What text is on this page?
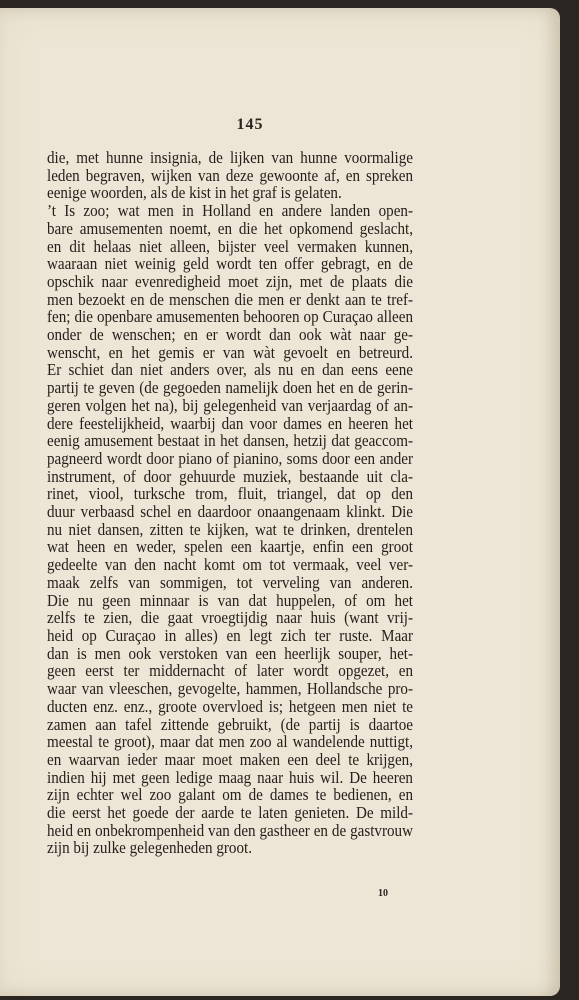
145
die, met hunne insignia, de lijken van hunne voormalige
leden begraven, wijken van deze gewoonte af, en spreken
eenige woorden, als de kist in het graf is gelaten.
’t Is zoo; wat men in Holland en andere landen open-
bare amusementen noemt, en die het opkomend geslacht,
en dit helaas niet alleen, bijster veel vermaken kunnen,
waaraan niet weinig geld wordt ten offer gebragt, en de
opschik naar evenredigheid moet zijn, met de plaats die
men bezoekt en de menschen die men er denkt aan te tref-
fen; die openbare amusementen behooren op Curaçao alleen
onder de wenschen; en er wordt dan ook wàt naar ge-
wenscht, en het gemis er van wàt gevoelt en betreurd.
Er schiet dan niet anders over, als nu en dan eens eene
partij te geven (de gegoeden namelijk doen het en de gerin-
geren volgen het na), bij gelegenheid van verjaardag of an-
dere feestelijkheid, waarbij dan voor dames en heeren het
eenig amusement bestaat in het dansen, hetzij dat geaccom-
pagneerd wordt door piano of pianino, soms door een ander
instrument, of door gehuurde muziek, bestaande uit cla-
rinet, viool, turksche trom, fluit, triangel, dat op den
duur verbaasd schel en daardoor onaangenaam klinkt. Die
nu niet dansen, zitten te kijken, wat te drinken, drentelen
wat heen en weder, spelen een kaartje, enfin een groot
gedeelte van den nacht komt om tot vermaak, veel ver-
maak zelfs van sommigen, tot verveling van anderen.
Die nu geen minnaar is van dat huppelen, of om het
zelfs te zien, die gaat vroegtijdig naar huis (want vrij-
heid op Curaçao in alles) en legt zich ter ruste. Maar
dan is men ook verstoken van een heerlijk souper, het-
geen eerst ter middernacht of later wordt opgezet, en
waar van vleeschen, gevogelte, hammen, Hollandsche pro-
ducten enz. enz., groote overvloed is; hetgeen men niet te
zamen aan tafel zittende gebruikt, (de partij is daartoe
meestal te groot), maar dat men zoo al wandelende nuttigt,
en waarvan ieder maar moet maken een deel te krijgen,
indien hij met geen ledige maag naar huis wil. De heeren
zijn echter wel zoo galant om de dames te bedienen, en
die eerst het goede der aarde te laten genieten. De mild-
heid en onbekrompenheid van den gastheer en de gastvrouw
zijn bij zulke gelegenheden groot.
10
